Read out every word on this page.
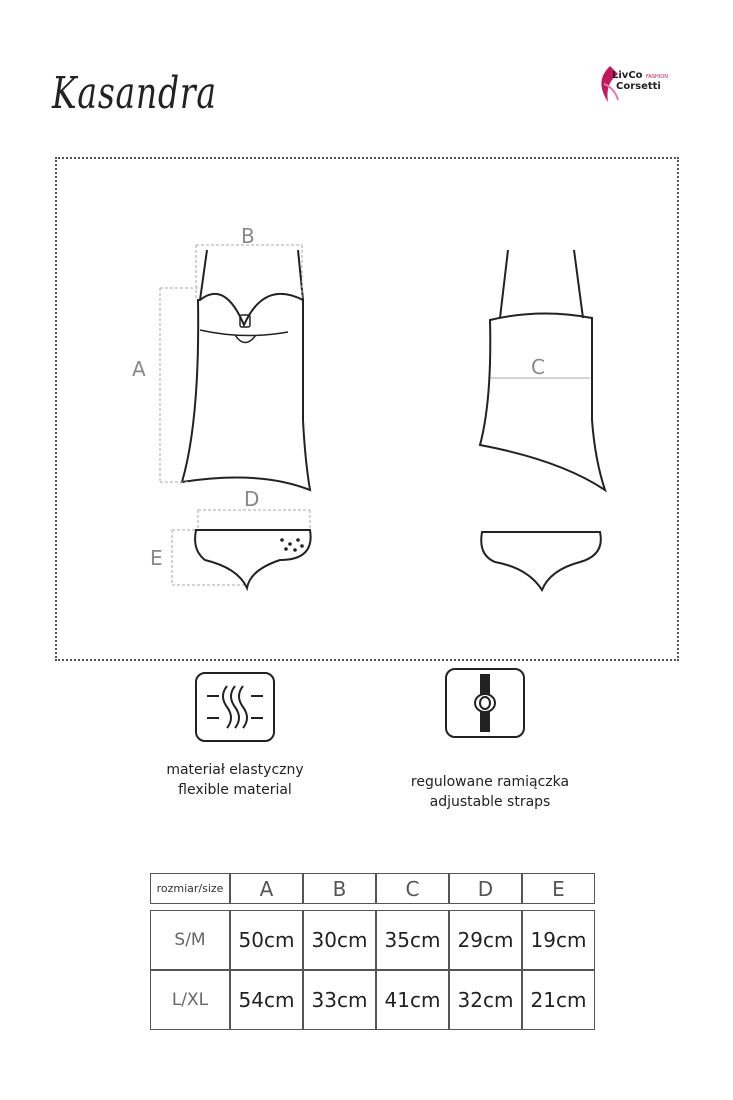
Kasandra	LivCo FASHION
Corsetti
B
A	C
D
E
materiał elastyczny
flexible material	regulowane ramiączka
adjustable straps
rozmiar/size	A	B	C	D	E

S/M	50cm	30cm	35cm	29cm	19cm
L/XL	54cm	33cm	41cm	32cm	21cm
